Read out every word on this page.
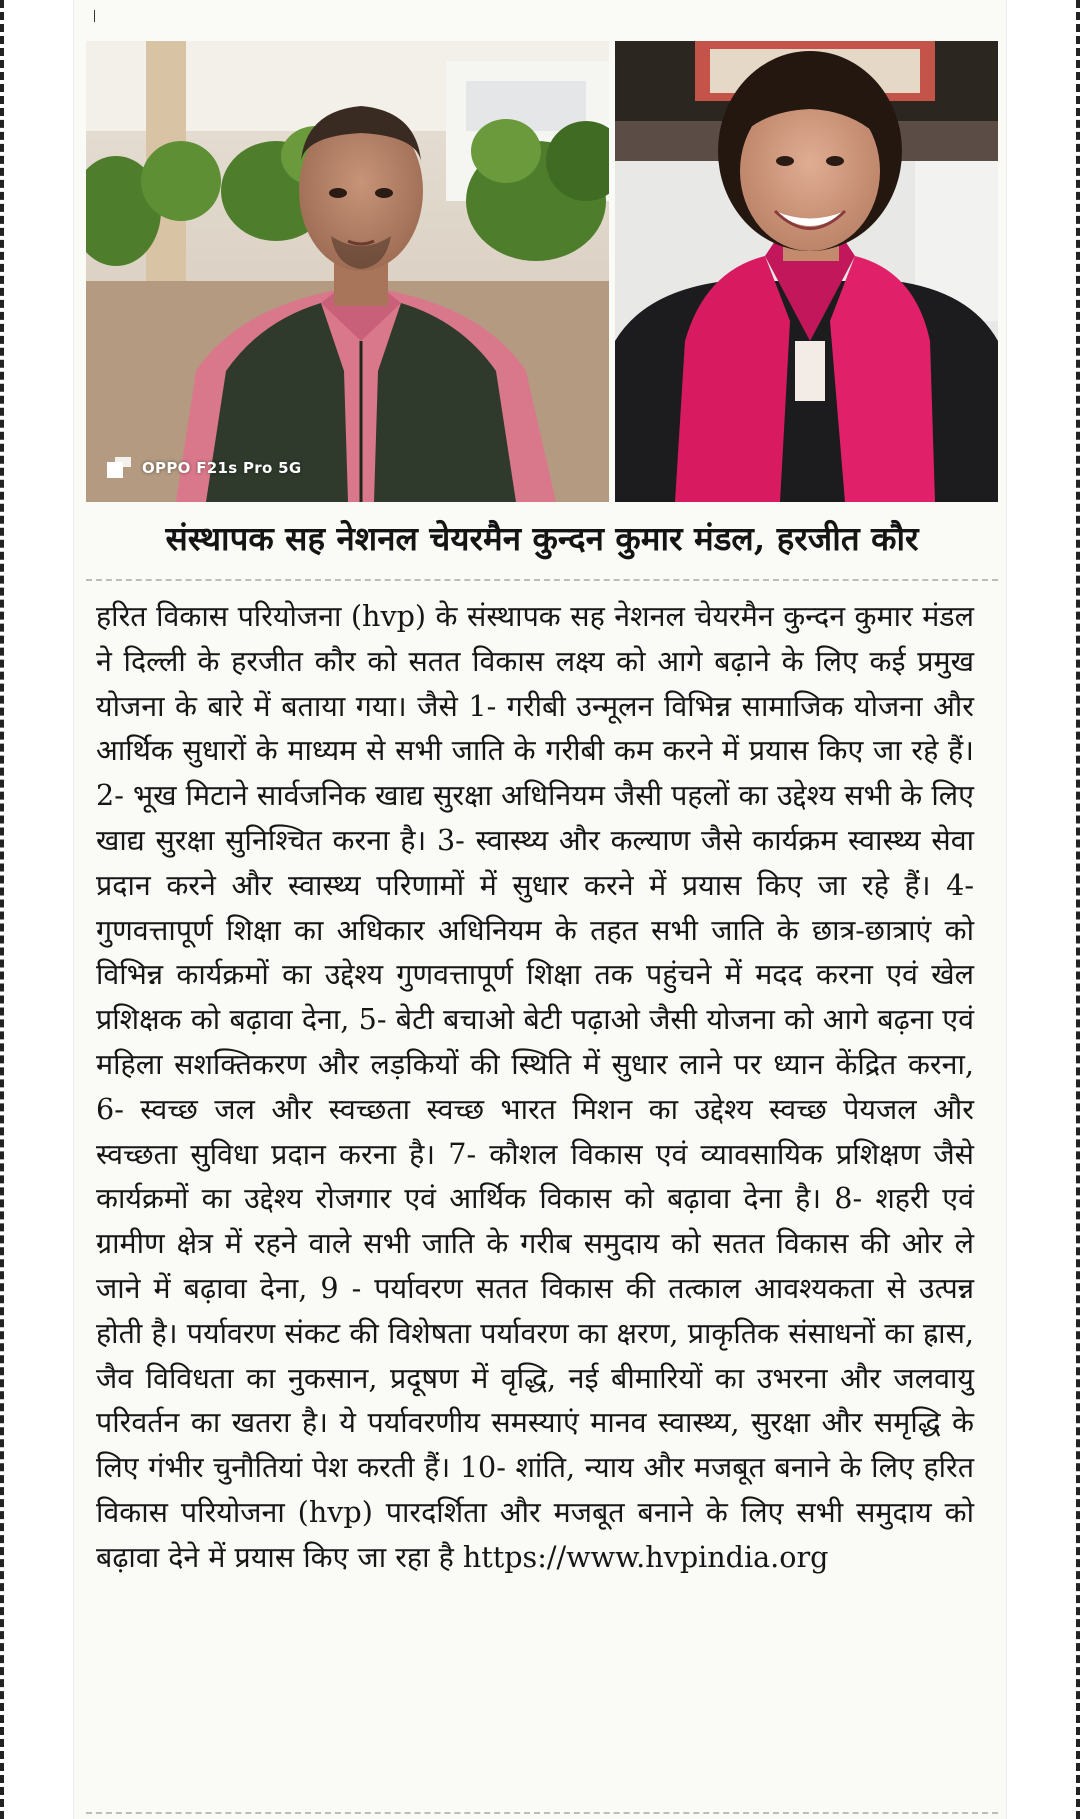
OPPO F21s Pro 5G
संस्थापक सह नेशनल चेयरमैन कुन्दन कुमार मंडल, हरजीत कौर

हरित विकास परियोजना (hvp) के संस्थापक सह नेशनल चेयरमैन कुन्दन कुमार मंडल ने दिल्ली के हरजीत कौर को सतत विकास लक्ष्य को आगे बढ़ाने के लिए कई प्रमुख योजना के बारे में बताया गया। जैसे 1- गरीबी उन्मूलन विभिन्न सामाजिक योजना और आर्थिक सुधारों के माध्यम से सभी जाति के गरीबी कम करने में प्रयास किए जा रहे हैं। 2- भूख मिटाने सार्वजनिक खाद्य सुरक्षा अधिनियम जैसी पहलों का उद्देश्य सभी के लिए खाद्य सुरक्षा सुनिश्चित करना है। 3- स्वास्थ्य और कल्याण जैसे कार्यक्रम स्वास्थ्य सेवा प्रदान करने और स्वास्थ्य परिणामों में सुधार करने में प्रयास किए जा रहे हैं। 4- गुणवत्तापूर्ण शिक्षा का अधिकार अधिनियम के तहत सभी जाति के छात्र-छात्राएं को विभिन्न कार्यक्रमों का उद्देश्य गुणवत्तापूर्ण शिक्षा तक पहुंचने में मदद करना एवं खेल प्रशिक्षक को बढ़ावा देना, 5- बेटी बचाओ बेटी पढ़ाओ जैसी योजना को आगे बढ़ना एवं महिला सशक्तिकरण और लड़कियों की स्थिति में सुधार लाने पर ध्यान केंद्रित करना, 6- स्वच्छ जल और स्वच्छता स्वच्छ भारत मिशन का उद्देश्य स्वच्छ पेयजल और स्वच्छता सुविधा प्रदान करना है। 7- कौशल विकास एवं व्यावसायिक प्रशिक्षण जैसे कार्यक्रमों का उद्देश्य रोजगार एवं आर्थिक विकास को बढ़ावा देना है। 8- शहरी एवं ग्रामीण क्षेत्र में रहने वाले सभी जाति के गरीब समुदाय को सतत विकास की ओर ले जाने में बढ़ावा देना, 9 - पर्यावरण सतत विकास की तत्काल आवश्यकता से उत्पन्न होती है। पर्यावरण संकट की विशेषता पर्यावरण का क्षरण, प्राकृतिक संसाधनों का ह्रास, जैव विविधता का नुकसान, प्रदूषण में वृद्धि, नई बीमारियों का उभरना और जलवायु परिवर्तन का खतरा है। ये पर्यावरणीय समस्याएं मानव स्वास्थ्य, सुरक्षा और समृद्धि के लिए गंभीर चुनौतियां पेश करती हैं। 10- शांति, न्याय और मजबूत बनाने के लिए हरित विकास परियोजना (hvp) पारदर्शिता और मजबूत बनाने के लिए सभी समुदाय को बढ़ावा देने में प्रयास किए जा रहा है https://www.hvpindia.org
